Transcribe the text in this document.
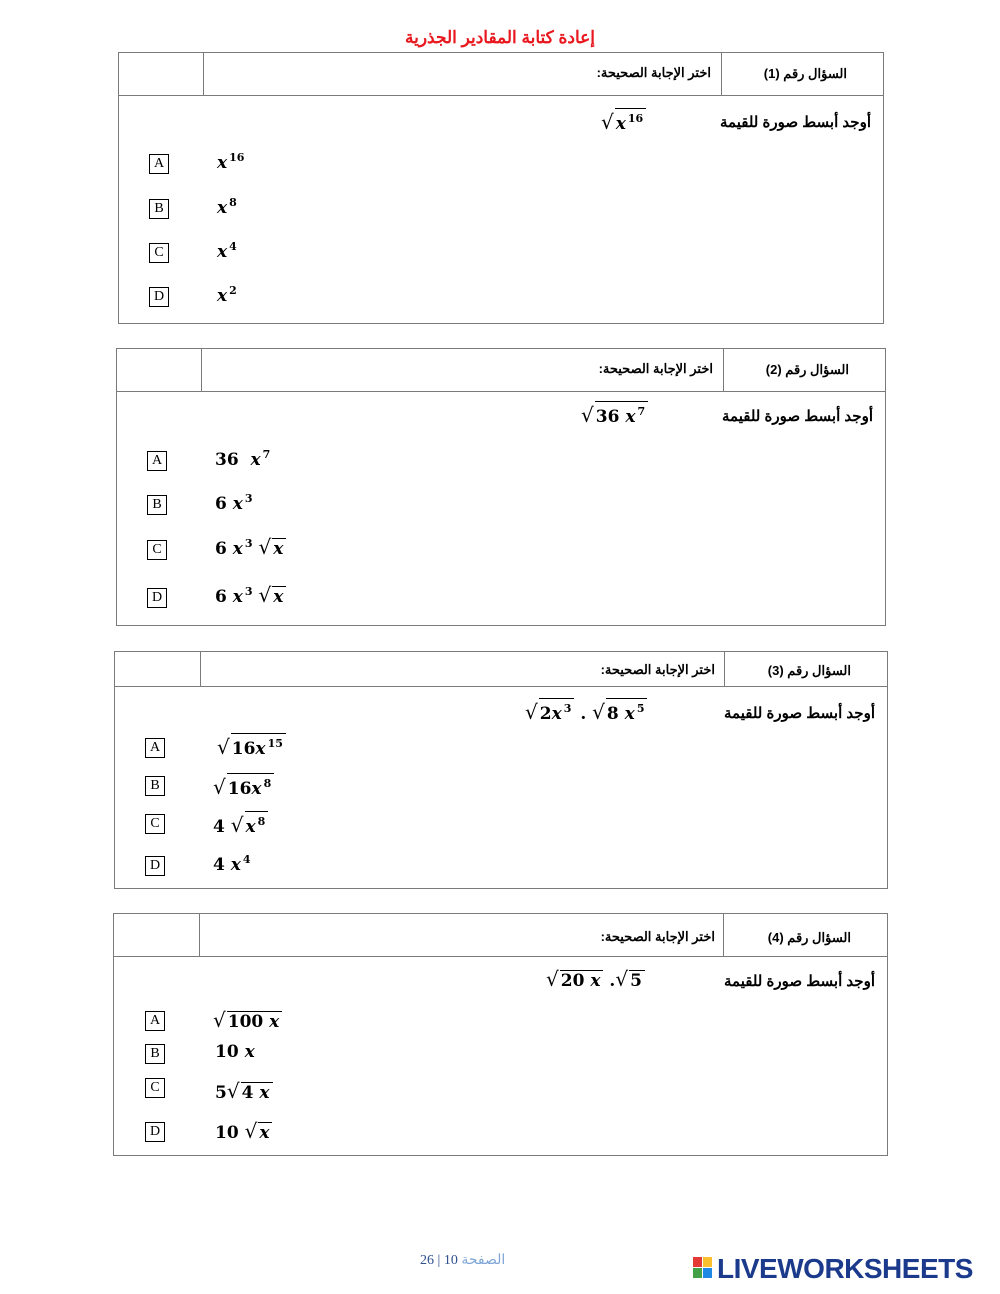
إعادة كتابة المقادير الجذرية
اختر الإجابة الصحيحة:	السؤال رقم (1)
أوجد أبسط صورة للقيمة
√ x $^{16}$
A	x $^{16}$
B	x $^8$
C	x $^4$
D	x $^2$
اختر الإجابة الصحيحة:	السؤال رقم (2)
أوجد أبسط صورة للقيمة
√ 36 x $^7$
A	36 x $^7$
B	6 x $^3$
C	6 x $^3$ √ x
D	6 x $^3$ √ x
اختر الإجابة الصحيحة:	السؤال رقم (3)
أوجد أبسط صورة للقيمة
√ 2x $^3$ . √ 8 x $^5$
A	√ 16x $^{15}$
B	√ 16x $^8$
C	4 √ x $^8$
D	4 x $^4$
اختر الإجابة الصحيحة:	السؤال رقم (4)
أوجد أبسط صورة للقيمة
√ 20 x .√ 5
A	√ 100 x
B	10 x
C	5√ 4 x
D	10 √ x
26 | 10 الصفحة	LIVEWORKSHEETS
